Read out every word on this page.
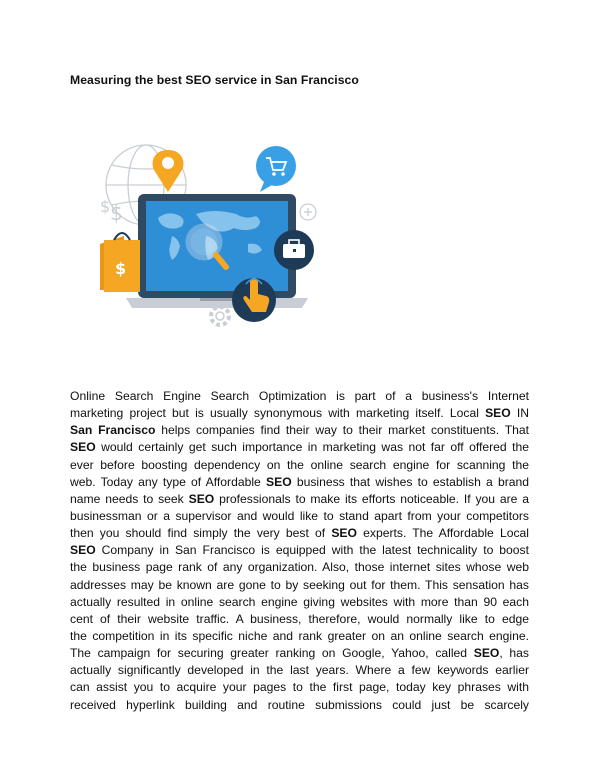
Measuring the best SEO service in San Francisco
$ $
$
Online Search Engine Search Optimization is part of a business's Internet
marketing project but is usually synonymous with marketing itself. Local SEO IN
San Francisco helps companies find their way to their market constituents. That
SEO would certainly get such importance in marketing was not far off offered the
ever before boosting dependency on the online search engine for scanning the
web. Today any type of Affordable SEO business that wishes to establish a brand
name needs to seek SEO professionals to make its efforts noticeable. If you are a
businessman or a supervisor and would like to stand apart from your competitors
then you should find simply the very best of SEO experts. The Affordable Local
SEO Company in San Francisco is equipped with the latest technicality to boost
the business page rank of any organization. Also, those internet sites whose web
addresses may be known are gone to by seeking out for them. This sensation has
actually resulted in online search engine giving websites with more than 90 each
cent of their website traffic. A business, therefore, would normally like to edge
the competition in its specific niche and rank greater on an online search engine.
The campaign for securing greater ranking on Google, Yahoo, called SEO, has
actually significantly developed in the last years. Where a few keywords earlier
can assist you to acquire your pages to the first page, today key phrases with
received hyperlink building and routine submissions could just be scarcely
